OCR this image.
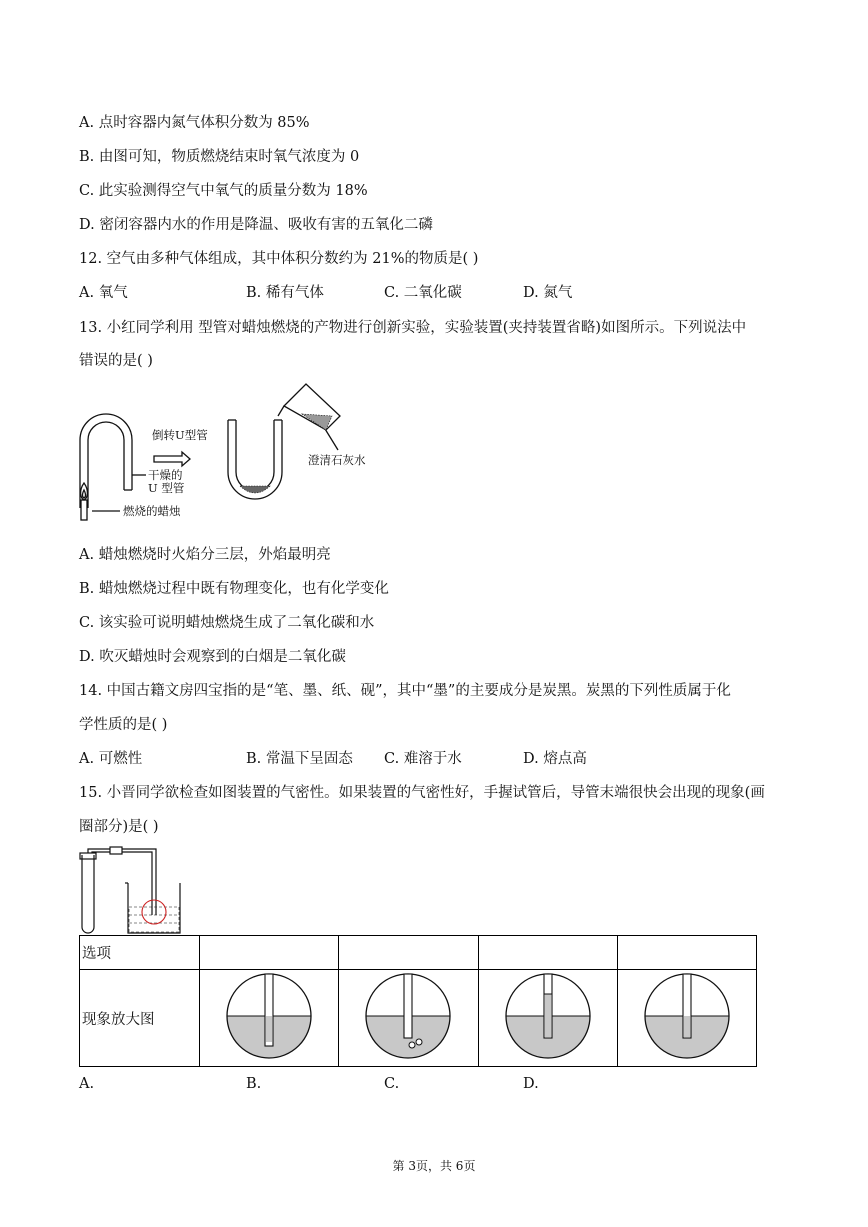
A. 点时容器内氮气体积分数为 85%
B. 由图可知，物质燃烧结束时氧气浓度为 0
C. 此实验测得空气中氧气的质量分数为 18%
D. 密闭容器内水的作用是降温、吸收有害的五氧化二磷
12. 空气由多种气体组成，其中体积分数约为 21%的物质是( )
A. 氧气	B. 稀有气体	C. 二氧化碳	D. 氮气
13. 小红同学利用 型管对蜡烛燃烧的产物进行创新实验，实验装置(夹持装置省略)如图所示。下列说法中
错误的是( )
倒转U型管
干燥的
U 型管
燃烧的蜡烛
澄清石灰水
A. 蜡烛燃烧时火焰分三层，外焰最明亮
B. 蜡烛燃烧过程中既有物理变化，也有化学变化
C. 该实验可说明蜡烛燃烧生成了二氧化碳和水
D. 吹灭蜡烛时会观察到的白烟是二氧化碳
14. 中国古籍文房四宝指的是“笔、墨、纸、砚”，其中“墨”的主要成分是炭黑。炭黑的下列性质属于化
学性质的是( )
A. 可燃性	B. 常温下呈固态 C. 难溶于水	D. 熔点高
15. 小晋同学欲检查如图装置的气密性。如果装置的气密性好，手握试管后，导管末端很快会出现的现象(画
圈部分)是( )
选项				
现象放大图				
A.	B.	C.	D.
第 3页，共 6页
